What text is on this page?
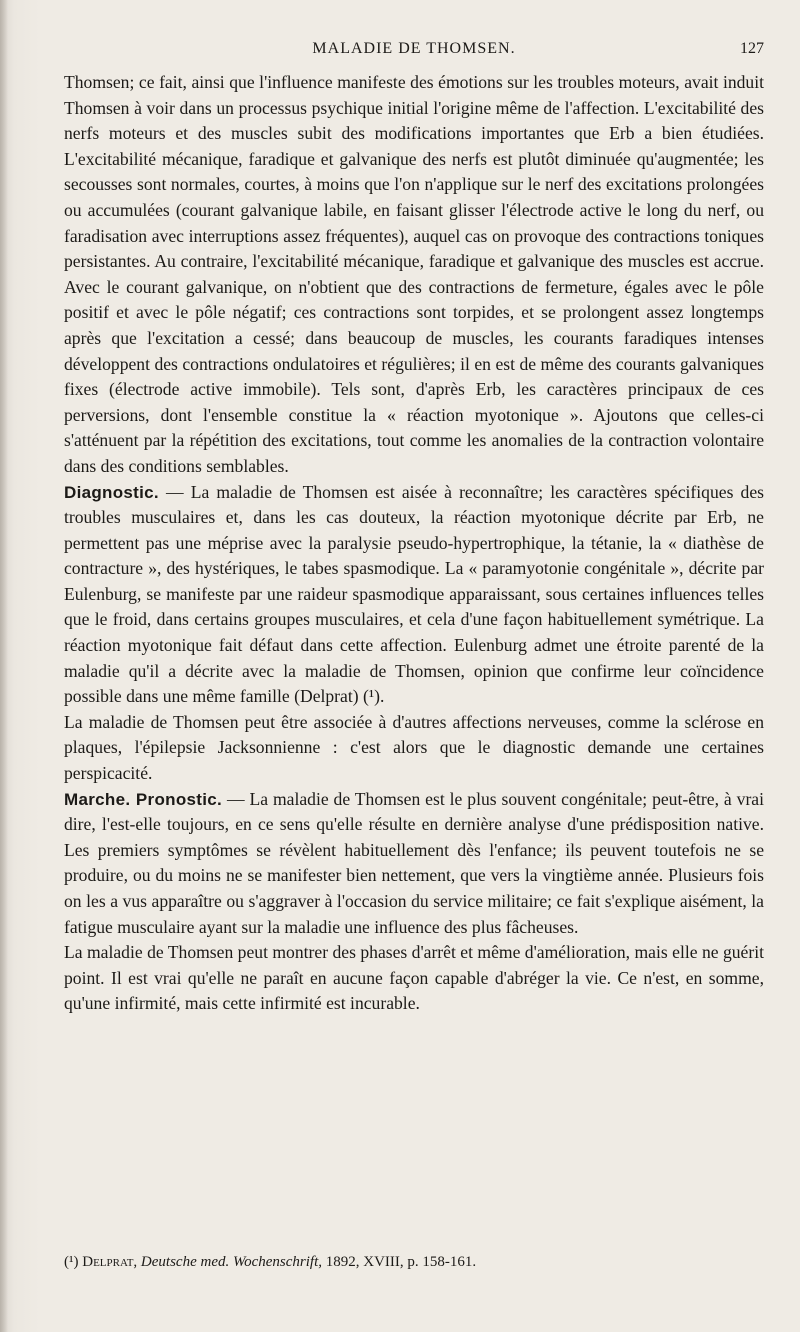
MALADIE DE THOMSEN.	127

Thomsen; ce fait, ainsi que l'influence manifeste des émotions sur les troubles moteurs, avait induit Thomsen à voir dans un processus psychique initial l'origine même de l'affection. L'excitabilité des nerfs moteurs et des muscles subit des modifications importantes que Erb a bien étudiées. L'excitabilité mécanique, faradique et galvanique des nerfs est plutôt diminuée qu'augmentée; les secousses sont normales, courtes, à moins que l'on n'applique sur le nerf des excitations prolongées ou accumulées (courant galvanique labile, en faisant glisser l'électrode active le long du nerf, ou faradisation avec interruptions assez fréquentes), auquel cas on provoque des contractions toniques persistantes. Au contraire, l'excitabilité mécanique, faradique et galvanique des muscles est accrue. Avec le courant galvanique, on n'obtient que des contractions de fermeture, égales avec le pôle positif et avec le pôle négatif; ces contractions sont torpides, et se prolongent assez longtemps après que l'excitation a cessé; dans beaucoup de muscles, les courants faradiques intenses développent des contractions ondulatoires et régulières; il en est de même des courants galvaniques fixes (électrode active immobile). Tels sont, d'après Erb, les caractères principaux de ces perversions, dont l'ensemble constitue la « réaction myotonique ». Ajoutons que celles-ci s'atténuent par la répétition des excitations, tout comme les anomalies de la contraction volontaire dans des conditions semblables.

Diagnostic. — La maladie de Thomsen est aisée à reconnaître; les caractères spécifiques des troubles musculaires et, dans les cas douteux, la réaction myotonique décrite par Erb, ne permettent pas une méprise avec la paralysie pseudo-hypertrophique, la tétanie, la « diathèse de contracture », des hystériques, le tabes spasmodique. La « paramyotonie congénitale », décrite par Eulenburg, se manifeste par une raideur spasmodique apparaissant, sous certaines influences telles que le froid, dans certains groupes musculaires, et cela d'une façon habituellement symétrique. La réaction myotonique fait défaut dans cette affection. Eulenburg admet une étroite parenté de la maladie qu'il a décrite avec la maladie de Thomsen, opinion que confirme leur coïncidence possible dans une même famille (Delprat) (¹).

La maladie de Thomsen peut être associée à d'autres affections nerveuses, comme la sclérose en plaques, l'épilepsie Jacksonnienne : c'est alors que le diagnostic demande une certaines perspicacité.

Marche. Pronostic. — La maladie de Thomsen est le plus souvent congénitale; peut-être, à vrai dire, l'est-elle toujours, en ce sens qu'elle résulte en dernière analyse d'une prédisposition native. Les premiers symptômes se révèlent habituellement dès l'enfance; ils peuvent toutefois ne se produire, ou du moins ne se manifester bien nettement, que vers la vingtième année. Plusieurs fois on les a vus apparaître ou s'aggraver à l'occasion du service militaire; ce fait s'explique aisément, la fatigue musculaire ayant sur la maladie une influence des plus fâcheuses.

La maladie de Thomsen peut montrer des phases d'arrêt et même d'amélioration, mais elle ne guérit point. Il est vrai qu'elle ne paraît en aucune façon capable d'abréger la vie. Ce n'est, en somme, qu'une infirmité, mais cette infirmité est incurable.

(¹) Delprat, Deutsche med. Wochenschrift, 1892, XVIII, p. 158-161.
